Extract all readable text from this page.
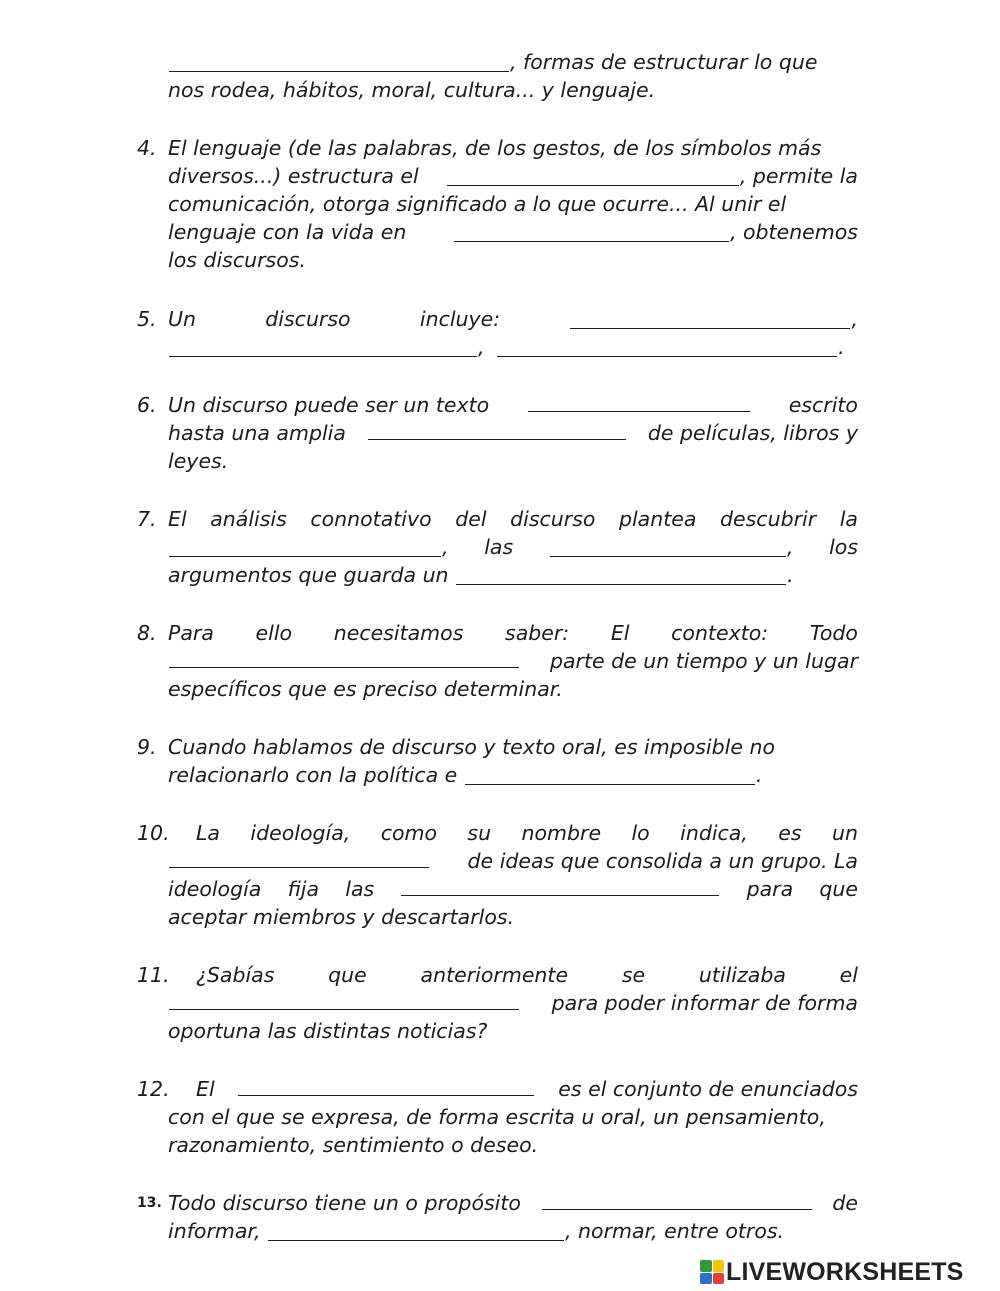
, formas de estructurar lo que
nos rodea, hábitos, moral, cultura... y lenguaje.
4. El lenguaje (de las palabras, de los gestos, de los símbolos más
diversos...) estructura el	, permite la
comunicación, otorga significado a lo que ocurre... Al unir el
lenguaje con la vida en	, obtenemos
los discursos.
5. Un	discurso	incluye:	,
,	.
6. Un discurso puede ser un texto	escrito
hasta una amplia	de películas, libros y
leyes.
7. El análisis connotativo del discurso plantea descubrir la
, las	, los
argumentos que guarda un	.
8. Para ello necesitamos saber: El contexto: Todo
parte de un tiempo y un lugar
específicos que es preciso determinar.
9. Cuando hablamos de discurso y texto oral, es imposible no
relacionarlo con la política e	.
10. La ideología, como su nombre lo indica, es un
de ideas que consolida a un grupo. La
ideología fija las	para que
aceptar miembros y descartarlos.
11. ¿Sabías	que	anteriormente	se	utilizaba	el
para poder informar de forma
oportuna las distintas noticias?
12. El	es el conjunto de enunciados
con el que se expresa, de forma escrita u oral, un pensamiento,
razonamiento, sentimiento o deseo.
13. Todo discurso tiene un o propósito	de
informar,	, normar, entre otros.
LIVEWORKSHEETS
